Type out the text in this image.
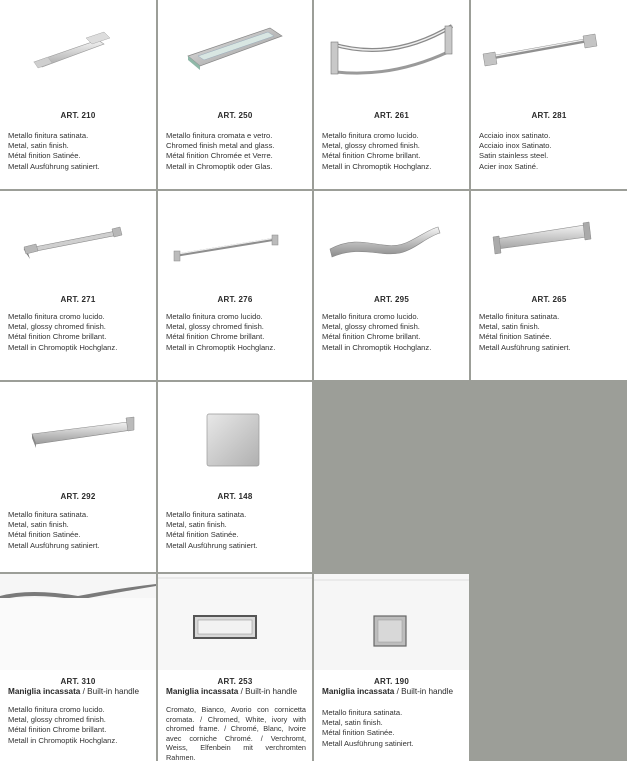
ART. 210
Metallo finitura satinata.
Metal, satin finish.
Métal finition Satinée.
Metall Ausführung satiniert.
ART. 250
Metallo finitura cromata e vetro.
Chromed finish metal and glass.
Métal finition Chromée et Verre.
Metall in Chromoptik oder Glas.
ART. 261
Metallo finitura cromo lucido.
Metal, glossy chromed finish.
Métal finition Chrome brillant.
Metall in Chromoptik Hochglanz.
ART. 281
Acciaio inox satinato.
Acciaio inox Satinato.
Satin stainless steel.
Acier inox Satiné.
ART. 271
Metallo finitura cromo lucido.
Metal, glossy chromed finish.
Métal finition Chrome brillant.
Metall in Chromoptik Hochglanz.
ART. 276
Metallo finitura cromo lucido.
Metal, glossy chromed finish.
Métal finition Chrome brillant.
Metall in Chromoptik Hochglanz.
ART. 295
Metallo finitura cromo lucido.
Metal, glossy chromed finish.
Métal finition Chrome brillant.
Metall in Chromoptik Hochglanz.
ART. 265
Metallo finitura satinata.
Metal, satin finish.
Métal finition Satinée.
Metall Ausführung satiniert.
ART. 292
Metallo finitura satinata.
Metal, satin finish.
Métal finition Satinée.
Metall Ausführung satiniert.
ART. 148
Metallo finitura satinata.
Metal, satin finish.
Métal finition Satinée.
Metall Ausführung satiniert.
ART. 310
Maniglia incassata / Built-in handle
Metallo finitura cromo lucido.
Metal, glossy chromed finish.
Métal finition Chrome brillant.
Metall in Chromoptik Hochglanz.
ART. 253
Maniglia incassata / Built-in handle
Cromato, Bianco, Avorio con cornicetta cromata. / Chromed, White, ivory with chromed frame. / Chromé, Blanc, Ivoire avec corniche Chromé. / Verchromt, Weiss, Elfenbein mit verchromten Rahmen.
ART. 190
Maniglia incassata / Built-in handle
Metallo finitura satinata.
Metal, satin finish.
Métal finition Satinée.
Metall Ausführung satiniert.
